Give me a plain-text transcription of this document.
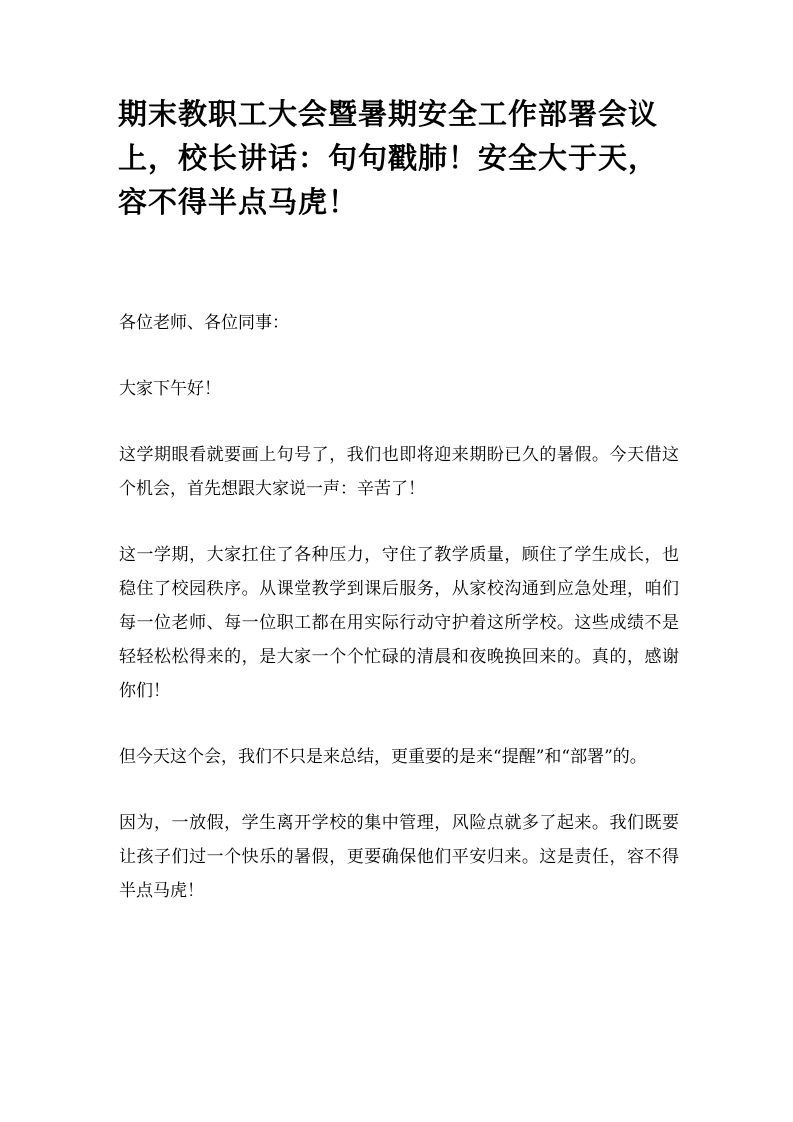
期末教职工大会暨暑期安全工作部署会议上，校长讲话：句句戳肺！安全大于天，容不得半点马虎！

各位老师、各位同事：

大家下午好！

这学期眼看就要画上句号了，我们也即将迎来期盼已久的暑假。今天借这个机会，首先想跟大家说一声：辛苦了！

这一学期，大家扛住了各种压力，守住了教学质量，顾住了学生成长，也稳住了校园秩序。从课堂教学到课后服务，从家校沟通到应急处理，咱们每一位老师、每一位职工都在用实际行动守护着这所学校。这些成绩不是轻轻松松得来的，是大家一个个忙碌的清晨和夜晚换回来的。真的，感谢你们！

但今天这个会，我们不只是来总结，更重要的是来“提醒”和“部署”的。

因为，一放假，学生离开学校的集中管理，风险点就多了起来。我们既要让孩子们过一个快乐的暑假，更要确保他们平安归来。这是责任，容不得半点马虎！
